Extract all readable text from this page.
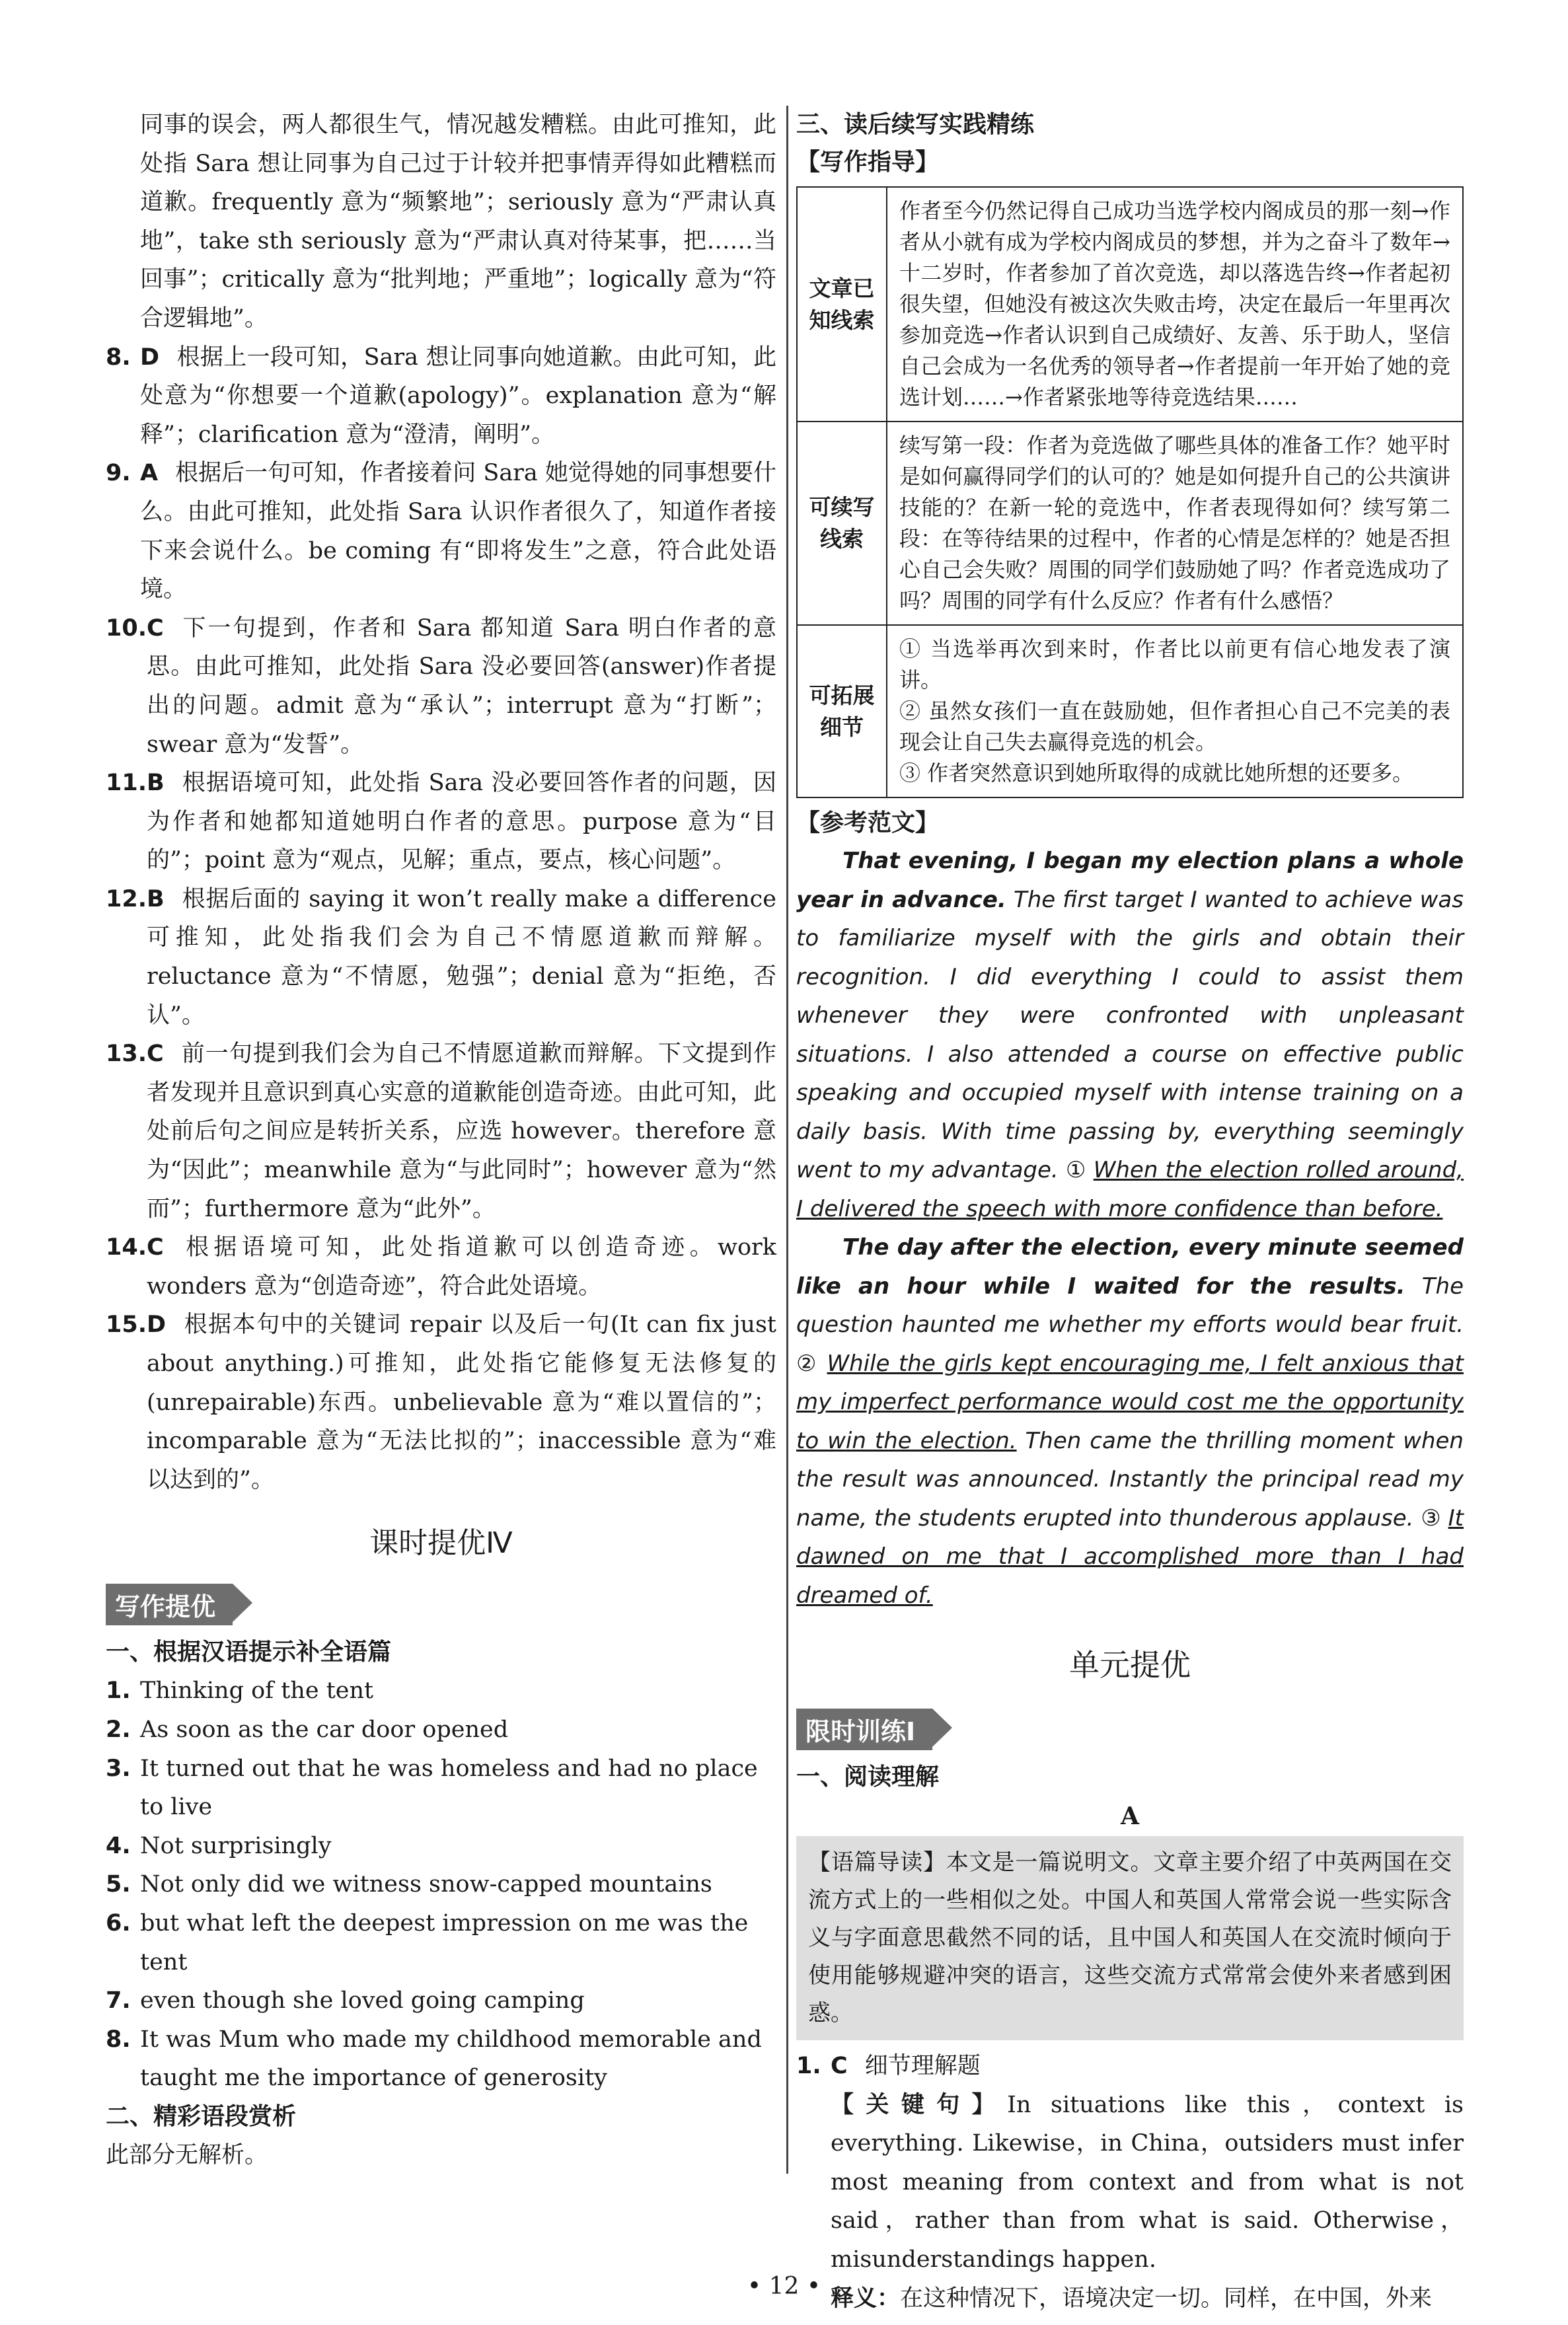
同事的误会，两人都很生气，情况越发糟糕。由此可推知，此处指 Sara 想让同事为自己过于计较并把事情弄得如此糟糕而道歉。frequently 意为“频繁地”；seriously 意为“严肃认真地”，take sth seriously 意为“严肃认真对待某事，把……当回事”；critically 意为“批判地；严重地”；logically 意为“符合逻辑地”。

8. D 根据上一段可知，Sara 想让同事向她道歉。由此可知，此处意为“你想要一个道歉(apology)”。explanation 意为“解释”；clarification 意为“澄清，阐明”。
9. A 根据后一句可知，作者接着问 Sara 她觉得她的同事想要什么。由此可推知，此处指 Sara 认识作者很久了，知道作者接下来会说什么。be coming 有“即将发生”之意，符合此处语境。
10. C 下一句提到，作者和 Sara 都知道 Sara 明白作者的意思。由此可推知，此处指 Sara 没必要回答(answer)作者提出的问题。admit 意为“承认”；interrupt 意为“打断”；swear 意为“发誓”。
11. B 根据语境可知，此处指 Sara 没必要回答作者的问题，因为作者和她都知道她明白作者的意思。purpose 意为“目的”；point 意为“观点，见解；重点，要点，核心问题”。
12. B 根据后面的 saying it won’t really make a difference 可推知，此处指我们会为自己不情愿道歉而辩解。reluctance 意为“不情愿，勉强”；denial 意为“拒绝，否认”。
13. C 前一句提到我们会为自己不情愿道歉而辩解。下文提到作者发现并且意识到真心实意的道歉能创造奇迹。由此可知，此处前后句之间应是转折关系，应选 however。therefore 意为“因此”；meanwhile 意为“与此同时”；however 意为“然而”；furthermore 意为“此外”。
14. C 根据语境可知，此处指道歉可以创造奇迹。work wonders 意为“创造奇迹”，符合此处语境。
15. D 根据本句中的关键词 repair 以及后一句(It can fix just about anything.)可推知，此处指它能修复无法修复的(unrepairable)东西。unbelievable 意为“难以置信的”；incomparable 意为“无法比拟的”；inaccessible 意为“难以达到的”。
课时提优Ⅳ
写作提优
一、根据汉语提示补全语篇
1. Thinking of the tent
2. As soon as the car door opened
3. It turned out that he was homeless and had no place to live
4. Not surprisingly
5. Not only did we witness snow-capped mountains
6. but what left the deepest impression on me was the tent
7. even though she loved going camping
8. It was Mum who made my childhood memorable and taught me the importance of generosity
二、精彩语段赏析

此部分无解析。

三、读后续写实践精练
【写作指导】
文章已知线索	作者至今仍然记得自己成功当选学校内阁成员的那一刻→作者从小就有成为学校内阁成员的梦想，并为之奋斗了数年→十二岁时，作者参加了首次竞选，却以落选告终→作者起初很失望，但她没有被这次失败击垮，决定在最后一年里再次参加竞选→作者认识到自己成绩好、友善、乐于助人，坚信自己会成为一名优秀的领导者→作者提前一年开始了她的竞选计划……→作者紧张地等待竞选结果……
可续写线索	续写第一段：作者为竞选做了哪些具体的准备工作？她平时是如何赢得同学们的认可的？她是如何提升自己的公共演讲技能的？在新一轮的竞选中，作者表现得如何？续写第二段：在等待结果的过程中，作者的心情是怎样的？她是否担心自己会失败？周围的同学们鼓励她了吗？作者竞选成功了吗？周围的同学有什么反应？作者有什么感悟？
可拓展细节	① 当选举再次到来时，作者比以前更有信心地发表了演讲。
② 虽然女孩们一直在鼓励她，但作者担心自己不完美的表现会让自己失去赢得竞选的机会。
③ 作者突然意识到她所取得的成就比她所想的还要多。
【参考范文】

That evening, I began my election plans a whole year in advance. The first target I wanted to achieve was to familiarize myself with the girls and obtain their recognition. I did everything I could to assist them whenever they were confronted with unpleasant situations. I also attended a course on effective public speaking and occupied myself with intense training on a daily basis. With time passing by, everything seemingly went to my advantage. ① When the election rolled around, I delivered the speech with more confidence than before.

The day after the election, every minute seemed like an hour while I waited for the results. The question haunted me whether my efforts would bear fruit. ② While the girls kept encouraging me, I felt anxious that my imperfect performance would cost me the opportunity to win the election. Then came the thrilling moment when the result was announced. Instantly the principal read my name, the students erupted into thunderous applause. ③ It dawned on me that I accomplished more than I had dreamed of.

单元提优
限时训练Ⅰ
一、阅读理解
A
【语篇导读】本文是一篇说明文。文章主要介绍了中英两国在交流方式上的一些相似之处。中国人和英国人常常会说一些实际含义与字面意思截然不同的话，且中国人和英国人在交流时倾向于使用能够规避冲突的语言，这些交流方式常常会使外来者感到困惑。
1. C 细节理解题

【关键句】In situations like this，context is everything. Likewise，in China，outsiders must infer most meaning from context and from what is not said，rather than from what is said. Otherwise，misunderstandings happen.

释义：在这种情况下，语境决定一切。同样，在中国，外来

• 12 •
